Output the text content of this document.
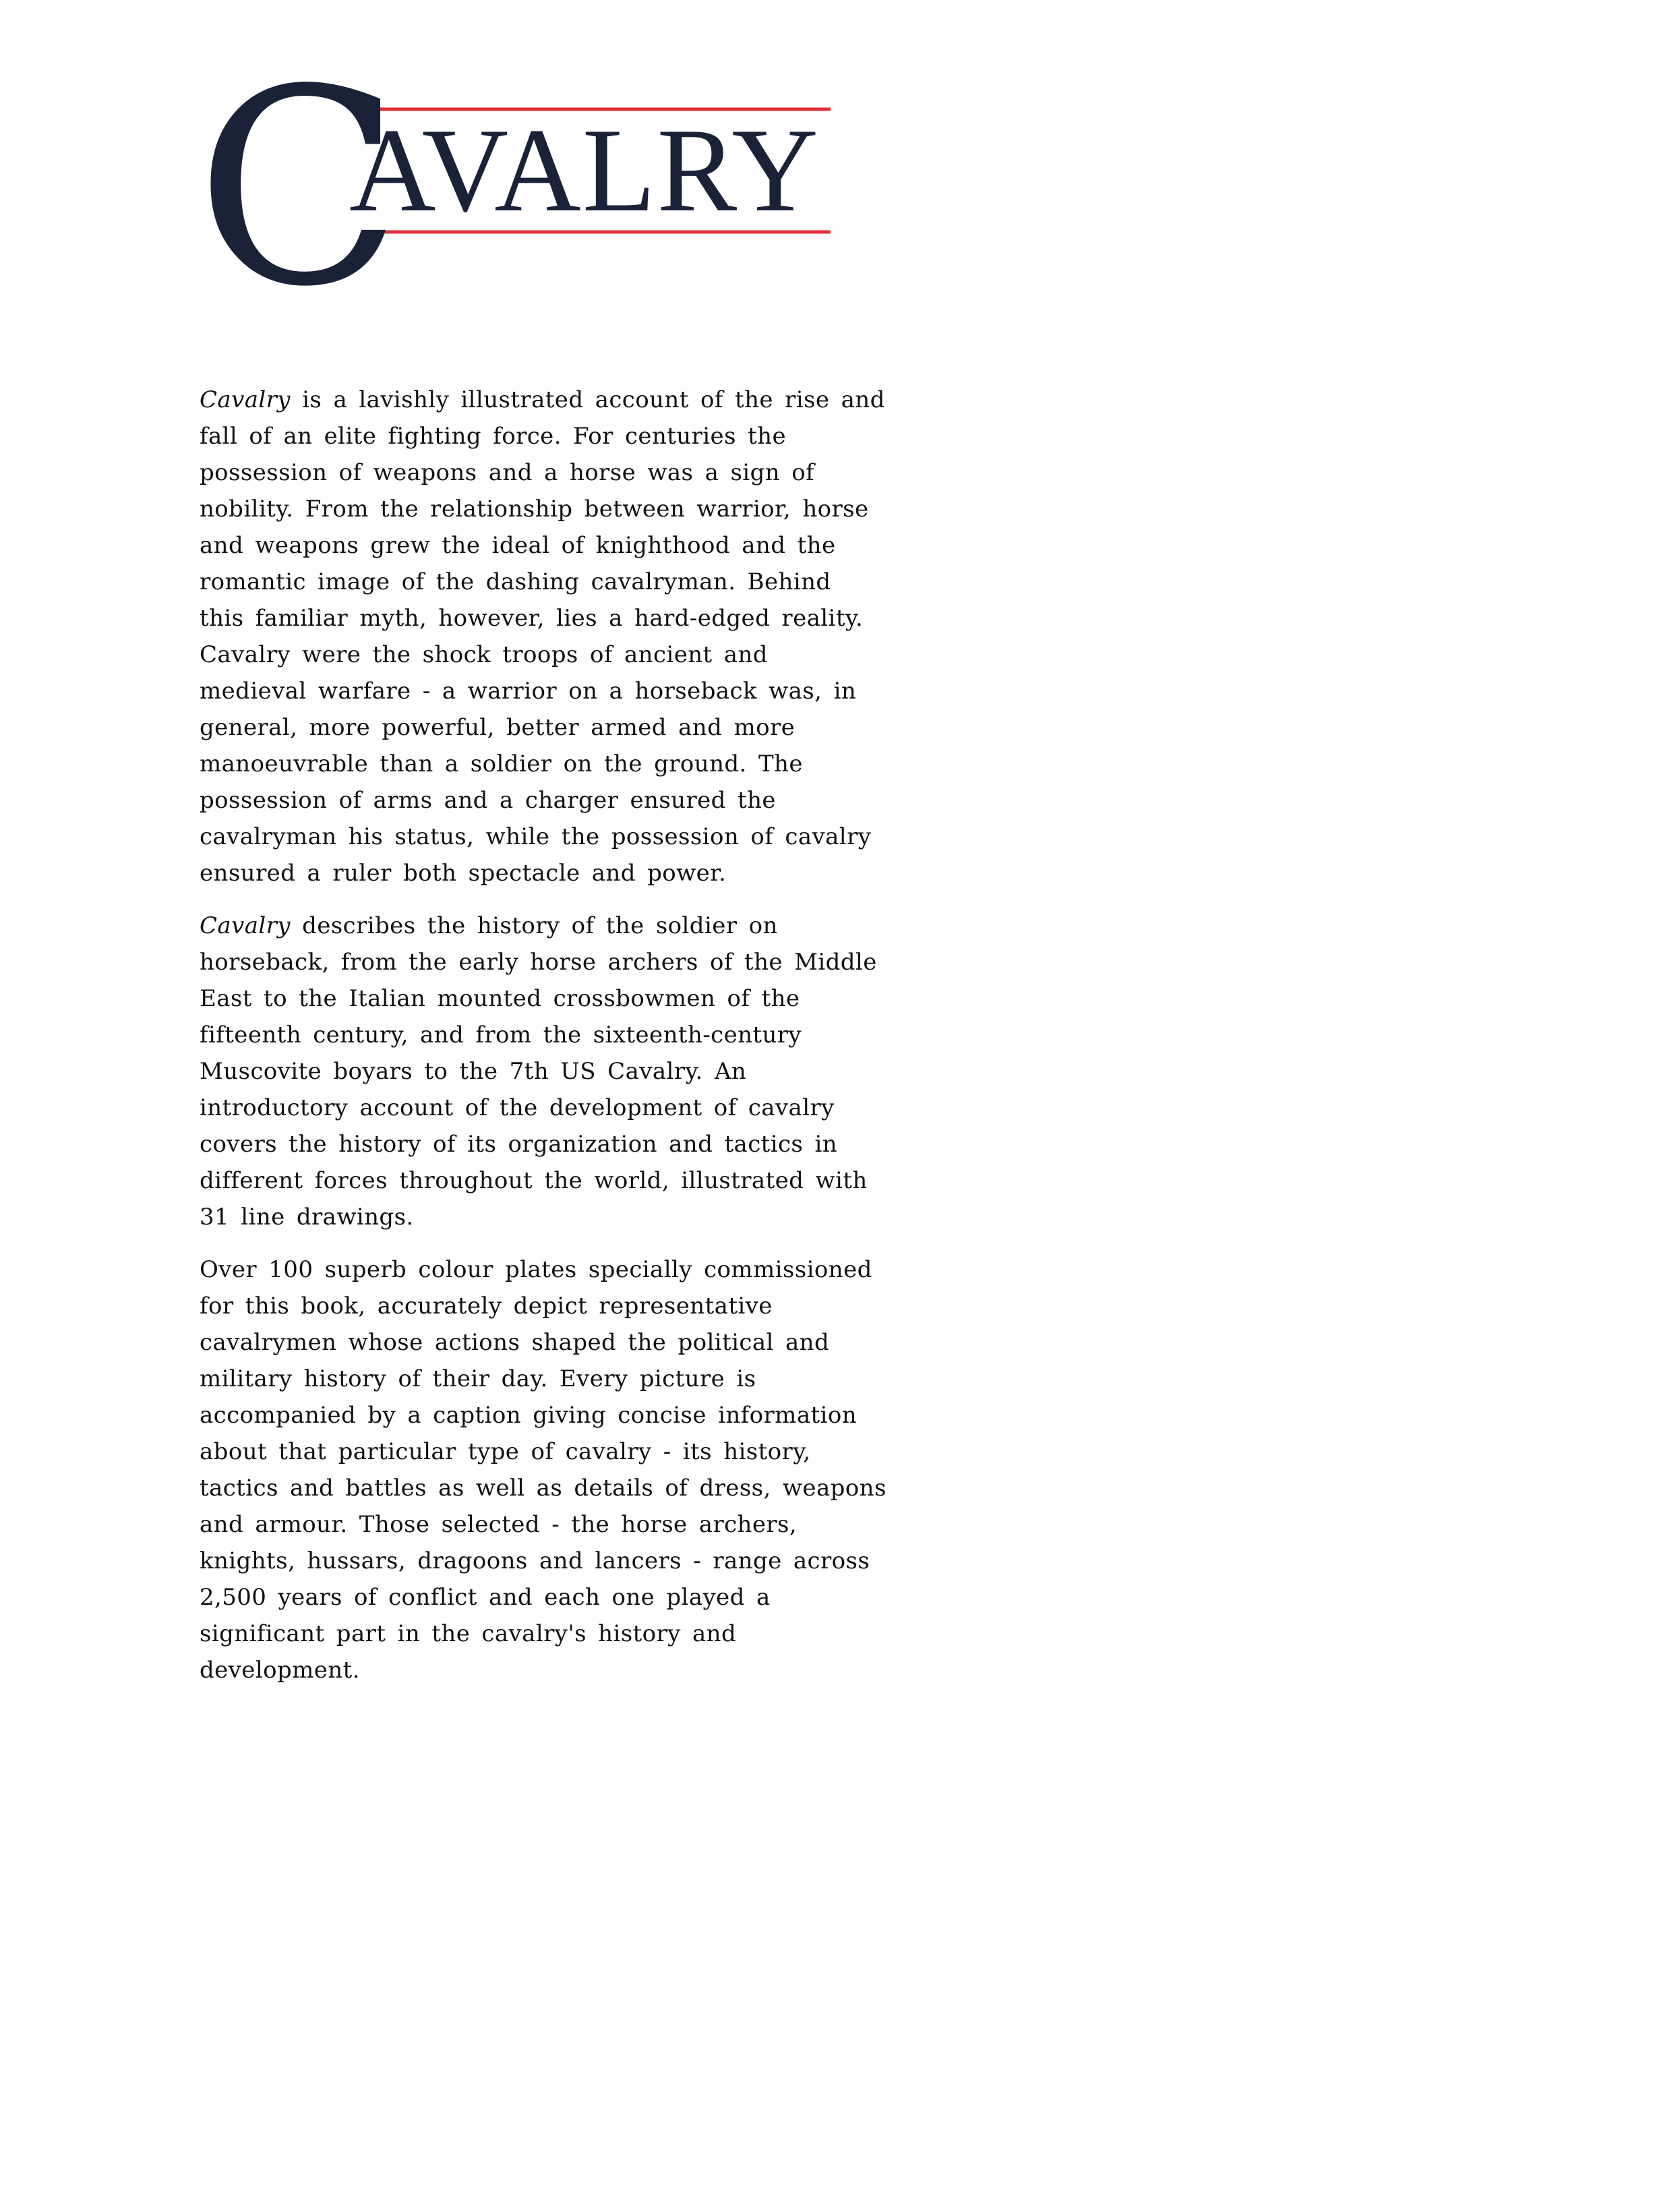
C
AVALRY
Cavalry is a lavishly illustrated account of the rise and
fall of an elite fighting force. For centuries the
possession of weapons and a horse was a sign of
nobility. From the relationship between warrior, horse
and weapons grew the ideal of knighthood and the
romantic image of the dashing cavalryman. Behind
this familiar myth, however, lies a hard-edged reality.
Cavalry were the shock troops of ancient and
medieval warfare - a warrior on a horseback was, in
general, more powerful, better armed and more
manoeuvrable than a soldier on the ground. The
possession of arms and a charger ensured the
cavalryman his status, while the possession of cavalry
ensured a ruler both spectacle and power.
Cavalry describes the history of the soldier on
horseback, from the early horse archers of the Middle
East to the Italian mounted crossbowmen of the
fifteenth century, and from the sixteenth-century
Muscovite boyars to the 7th US Cavalry. An
introductory account of the development of cavalry
covers the history of its organization and tactics in
different forces throughout the world, illustrated with
31 line drawings.
Over 100 superb colour plates specially commissioned
for this book, accurately depict representative
cavalrymen whose actions shaped the political and
military history of their day. Every picture is
accompanied by a caption giving concise information
about that particular type of cavalry - its history,
tactics and battles as well as details of dress, weapons
and armour. Those selected - the horse archers,
knights, hussars, dragoons and lancers - range across
2,500 years of conflict and each one played a
significant part in the cavalry's history and
development.
